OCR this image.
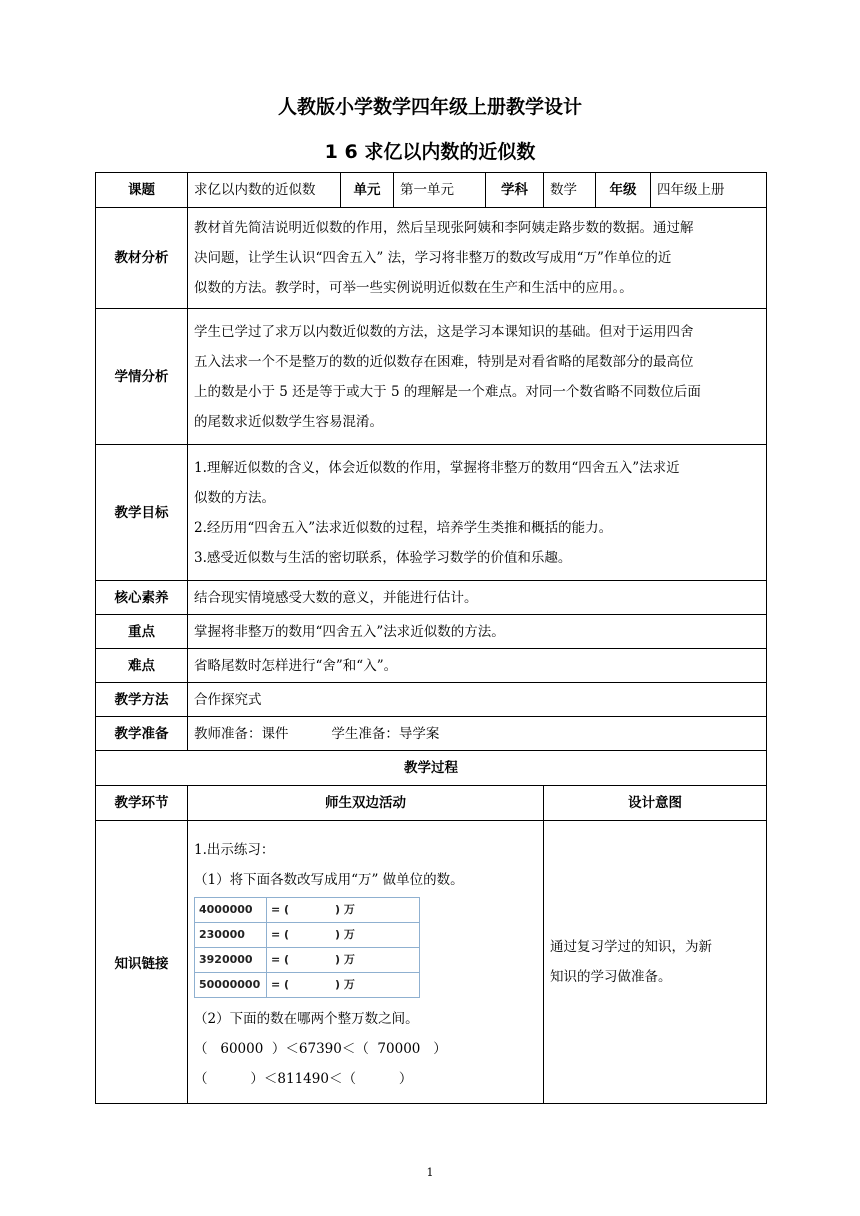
人教版小学数学四年级上册教学设计
1 6 求亿以内数的近似数
课题	求亿以内数的近似数	单元	第一单元	学科	数学	年级	四年级上册
教材分析	
教材首先简洁说明近似数的作用，然后呈现张阿姨和李阿姨走路步数的数据。通过解
决问题，让学生认识“四舍五入” 法，学习将非整万的数改写成用“万”作单位的近
似数的方法。教学时，可举一些实例说明近似数在生产和生活中的应用。。

学情分析	
学生已学过了求万以内数近似数的方法，这是学习本课知识的基础。但对于运用四舍
五入法求一个不是整万的数的近似数存在困难，特别是对看省略的尾数部分的最高位
上的数是小于 5 还是等于或大于 5 的理解是一个难点。对同一个数省略不同数位后面
的尾数求近似数学生容易混淆。

教学目标	
1.理解近似数的含义，体会近似数的作用，掌握将非整万的数用“四舍五入”法求近
似数的方法。
2.经历用“四舍五入”法求近似数的过程，培养学生类推和概括的能力。
3.感受近似数与生活的密切联系，体验学习数学的价值和乐趣。

核心素养	结合现实情境感受大数的意义，并能进行估计。
重点	掌握将非整万的数用“四舍五入”法求近似数的方法。
难点	省略尾数时怎样进行“舍”和“入”。
教学方法	合作探究式
教学准备	教师准备：课件          学生准备：导学案
教学过程
教学环节	师生双边活动	设计意图
知识链接	
1.出示练习：
（1）将下面各数改写成用“万” 做单位的数。
4000000	= (            ) 万
230000	= (            ) 万
3920000	= (            ) 万
50000000	= (            ) 万
（2）下面的数在哪两个整万数之间。
（   60000  ）＜67390＜（  70000   ）
（          ）＜811490＜（          ）

通过复习学过的知识，为新
知识的学习做准备。
1
